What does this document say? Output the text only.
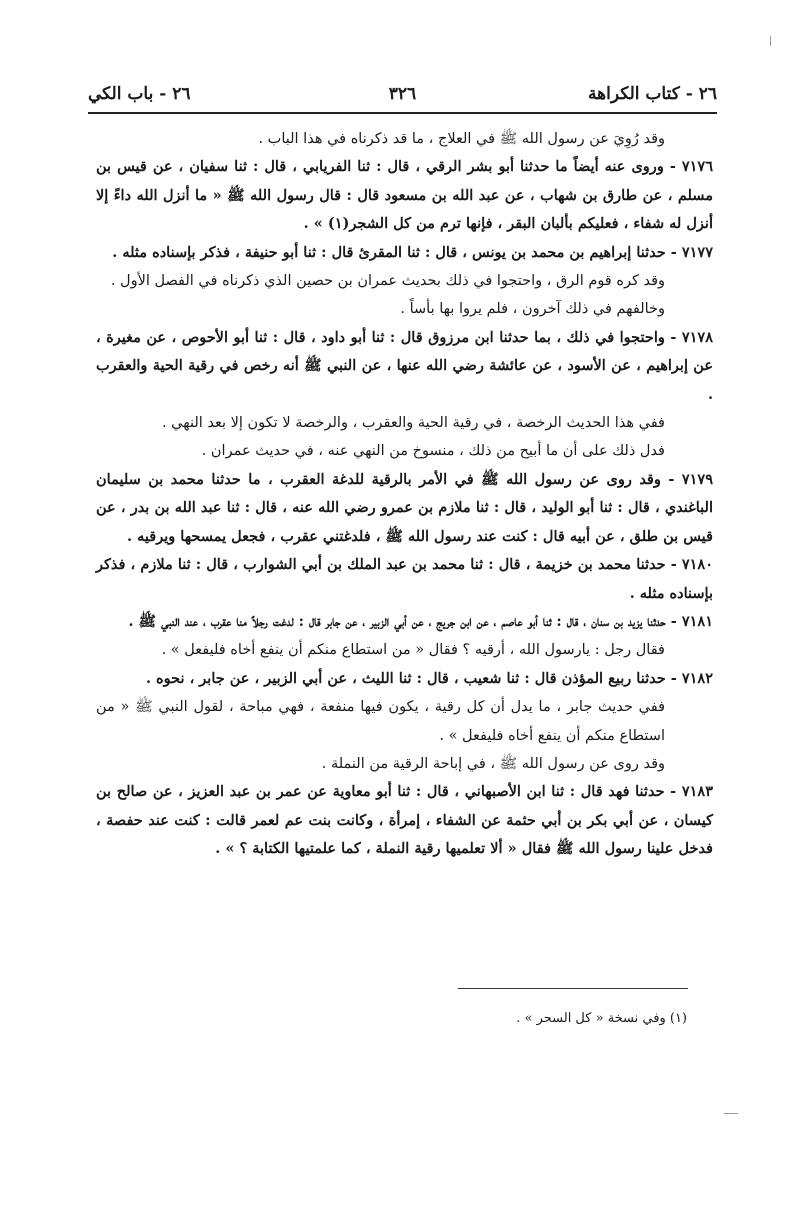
٢٦ - كتاب الكراهة
٣٢٦
٢٦ - باب الكي

وقد رُوِيَ عن رسول الله ﷺ في العلاج ، ما قد ذكرناه في هذا الباب .

٧١٧٦ - وروى عنه أيضاً ما حدثنا أبو بشر الرقي ، قال : ثنا الفريابي ، قال : ثنا سفيان ، عن قيس بن مسلم ، عن طارق بن شهاب ، عن عبد الله بن مسعود قال : قال رسول الله ﷺ « ما أنزل الله داءً إلا أنزل له شفاء ، فعليكم بألبان البقر ، فإنها ترم من كل الشجر(١) » .

٧١٧٧ - حدثنا إبراهيم بن محمد بن يونس ، قال : ثنا المقرئ قال : ثنا أبو حنيفة ، فذكر بإسناده مثله .

وقد كره قوم الرق ، واحتجوا في ذلك بحديث عمران بن حصين الذي ذكرناه في الفصل الأول .

وخالفهم في ذلك آخرون ، فلم يروا بها بأساً .

٧١٧٨ - واحتجوا في ذلك ، بما حدثنا ابن مرزوق قال : ثنا أبو داود ، قال : ثنا أبو الأحوص ، عن مغيرة ، عن إبراهيم ، عن الأسود ، عن عائشة رضي الله عنها ، عن النبي ﷺ أنه رخص في رقية الحية والعقرب .

ففي هذا الحديث الرخصة ، في رقية الحية والعقرب ، والرخصة لا تكون إلا بعد النهي .

فدل ذلك على أن ما أبيح من ذلك ، منسوخ من النهي عنه ، في حديث عمران .

٧١٧٩ - وقد روى عن رسول الله ﷺ في الأمر بالرقية للدغة العقرب ، ما حدثنا محمد بن سليمان الباغندي ، قال : ثنا أبو الوليد ، قال : ثنا ملازم بن عمرو رضي الله عنه ، قال : ثنا عبد الله بن بدر ، عن قيس بن طلق ، عن أبيه قال : كنت عند رسول الله ﷺ ، فلدغتني عقرب ، فجعل يمسحها ويرقيه .

٧١٨٠ - حدثنا محمد بن خزيمة ، قال : ثنا محمد بن عبد الملك بن أبي الشوارب ، قال : ثنا ملازم ، فذكر بإسناده مثله .

٧١٨١ - حدثنا يزيد بن سنان ، قال : ثنا أبو عاصم ، عن ابن جريج ، عن أبي الزبير ، عن جابر قال : لدغت رجلاً منا عقرب ، عند النبي ﷺ .

فقال رجل : يارسول الله ، أرقيه ؟ فقال « من استطاع منكم أن ينفع أخاه فليفعل » .

٧١٨٢ - حدثنا ربيع المؤذن قال : ثنا شعيب ، قال : ثنا الليث ، عن أبي الزبير ، عن جابر ، نحوه .

ففي حديث جابر ، ما يدل أن كل رقية ، يكون فيها منفعة ، فهي مباحة ، لقول النبي ﷺ « من استطاع منكم أن ينفع أخاه فليفعل » .

وقد روى عن رسول الله ﷺ ، في إباحة الرقية من النملة .

٧١٨٣ - حدثنا فهد قال : ثنا ابن الأصبهاني ، قال : ثنا أبو معاوية عن عمر بن عبد العزيز ، عن صالح بن كيسان ، عن أبي بكر بن أبي حثمة عن الشفاء ، إمرأة ، وكانت بنت عم لعمر قالت : كنت عند حفصة ، فدخل علينا رسول الله ﷺ فقال « ألا تعلميها رقية النملة ، كما علمتيها الكتابة ؟ » .

(١) وفي نسخة « كل السحر » .
